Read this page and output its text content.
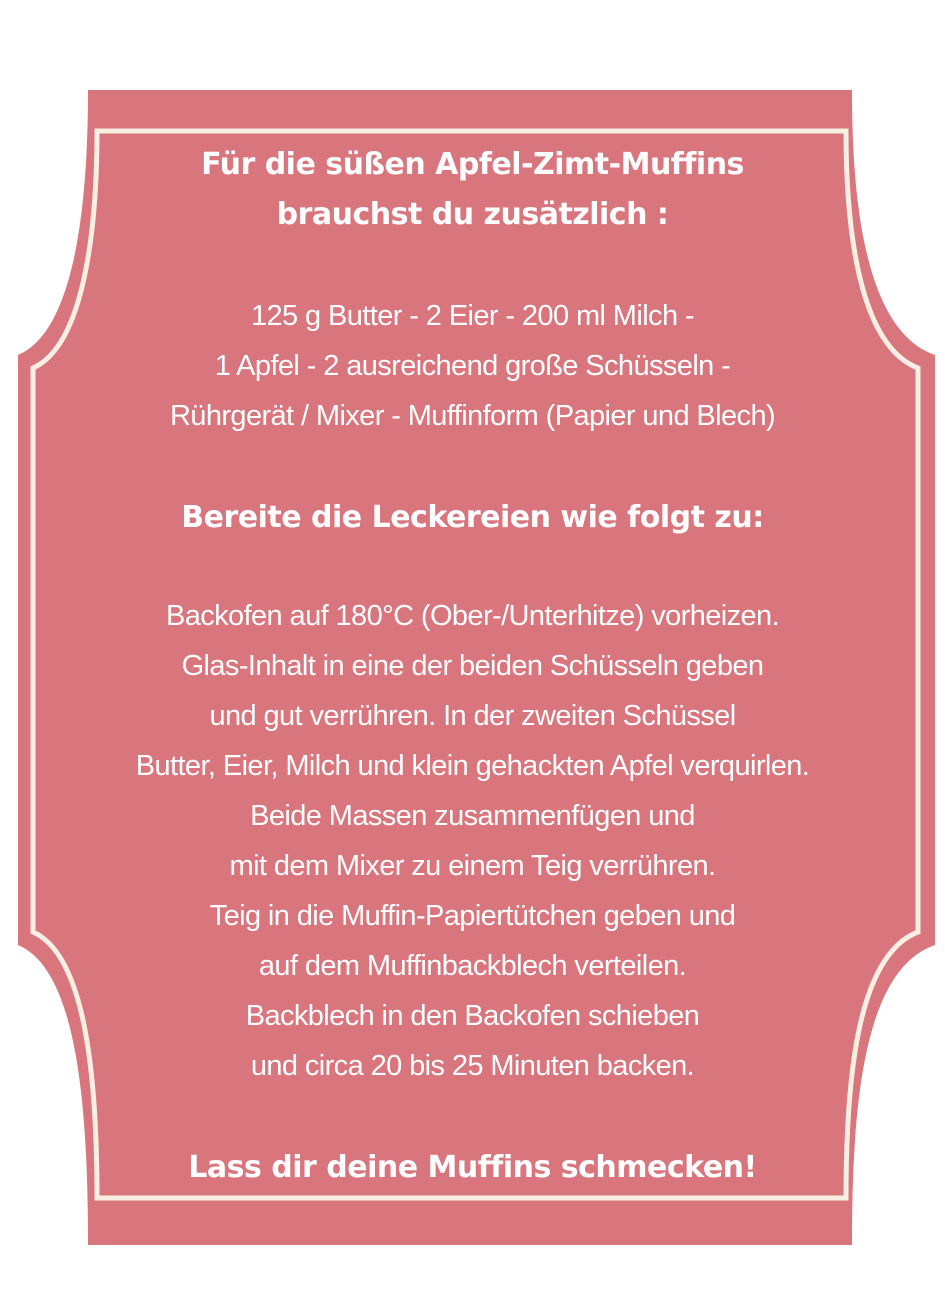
Für die süßen Apfel-Zimt-Muffins

brauchst du zusätzlich :

125 g Butter - 2 Eier - 200 ml Milch -

1 Apfel - 2 ausreichend große Schüsseln -

Rührgerät / Mixer - Muffinform (Papier und Blech)

Bereite die Leckereien wie folgt zu:

Backofen auf 180°C (Ober-/Unterhitze) vorheizen.

Glas-Inhalt in eine der beiden Schüsseln geben

und gut verrühren. In der zweiten Schüssel

Butter, Eier, Milch und klein gehackten Apfel verquirlen.

Beide Massen zusammenfügen und

mit dem Mixer zu einem Teig verrühren.

Teig in die Muffin-Papiertütchen geben und

auf dem Muffinbackblech verteilen.

Backblech in den Backofen schieben

und circa 20 bis 25 Minuten backen.

Lass dir deine Muffins schmecken!
